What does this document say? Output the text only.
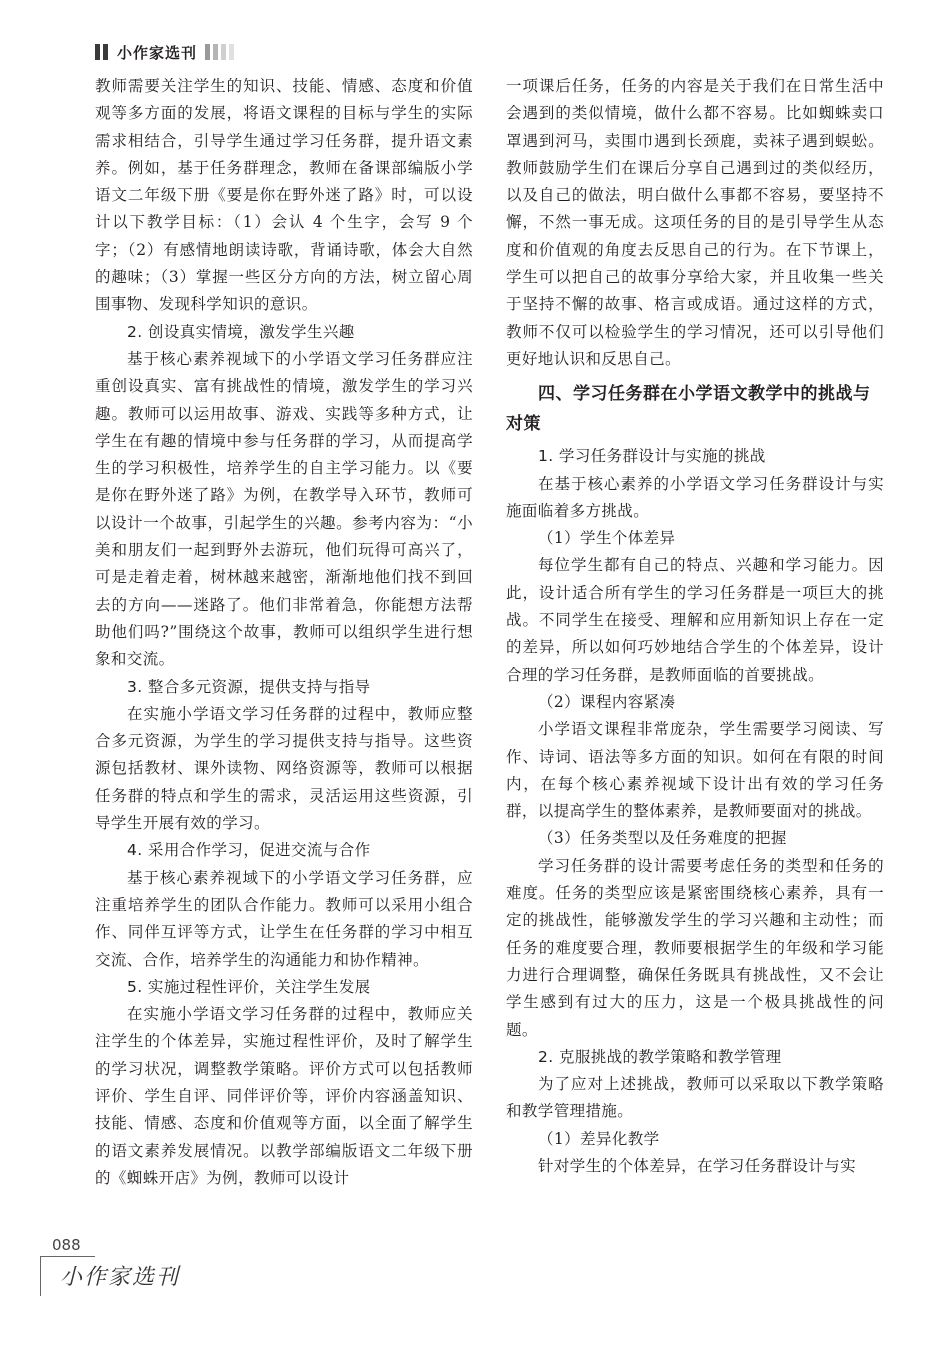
小作家选刊

教师需要关注学生的知识、技能、情感、态度和价值观等多方面的发展，将语文课程的目标与学生的实际需求相结合，引导学生通过学习任务群，提升语文素养。例如，基于任务群理念，教师在备课部编版小学语文二年级下册《要是你在野外迷了路》时，可以设计以下教学目标：（1）会认 4 个生字，会写 9 个字；（2）有感情地朗读诗歌，背诵诗歌，体会大自然的趣味；（3）掌握一些区分方向的方法，树立留心周围事物、发现科学知识的意识。

2. 创设真实情境，激发学生兴趣

基于核心素养视域下的小学语文学习任务群应注重创设真实、富有挑战性的情境，激发学生的学习兴趣。教师可以运用故事、游戏、实践等多种方式，让学生在有趣的情境中参与任务群的学习，从而提高学生的学习积极性，培养学生的自主学习能力。以《要是你在野外迷了路》为例，在教学导入环节，教师可以设计一个故事，引起学生的兴趣。参考内容为：“小美和朋友们一起到野外去游玩，他们玩得可高兴了，可是走着走着，树林越来越密，渐渐地他们找不到回去的方向——迷路了。他们非常着急，你能想方法帮助他们吗?”围绕这个故事，教师可以组织学生进行想象和交流。

3. 整合多元资源，提供支持与指导

在实施小学语文学习任务群的过程中，教师应整合多元资源，为学生的学习提供支持与指导。这些资源包括教材、课外读物、网络资源等，教师可以根据任务群的特点和学生的需求，灵活运用这些资源，引导学生开展有效的学习。

4. 采用合作学习，促进交流与合作

基于核心素养视域下的小学语文学习任务群，应注重培养学生的团队合作能力。教师可以采用小组合作、同伴互评等方式，让学生在任务群的学习中相互交流、合作，培养学生的沟通能力和协作精神。

5. 实施过程性评价，关注学生发展

在实施小学语文学习任务群的过程中，教师应关注学生的个体差异，实施过程性评价，及时了解学生的学习状况，调整教学策略。评价方式可以包括教师评价、学生自评、同伴评价等，评价内容涵盖知识、技能、情感、态度和价值观等方面，以全面了解学生的语文素养发展情况。以教学部编版语文二年级下册的《蜘蛛开店》为例，教师可以设计

一项课后任务，任务的内容是关于我们在日常生活中会遇到的类似情境，做什么都不容易。比如蜘蛛卖口罩遇到河马，卖围巾遇到长颈鹿，卖袜子遇到蜈蚣。教师鼓励学生们在课后分享自己遇到过的类似经历，以及自己的做法，明白做什么事都不容易，要坚持不懈，不然一事无成。这项任务的目的是引导学生从态度和价值观的角度去反思自己的行为。在下节课上，学生可以把自己的故事分享给大家，并且收集一些关于坚持不懈的故事、格言或成语。通过这样的方式，教师不仅可以检验学生的学习情况，还可以引导他们更好地认识和反思自己。

四、学习任务群在小学语文教学中的挑战与对策
1. 学习任务群设计与实施的挑战

在基于核心素养的小学语文学习任务群设计与实施面临着多方挑战。

（1）学生个体差异

每位学生都有自己的特点、兴趣和学习能力。因此，设计适合所有学生的学习任务群是一项巨大的挑战。不同学生在接受、理解和应用新知识上存在一定的差异，所以如何巧妙地结合学生的个体差异，设计合理的学习任务群，是教师面临的首要挑战。

（2）课程内容紧凑

小学语文课程非常庞杂，学生需要学习阅读、写作、诗词、语法等多方面的知识。如何在有限的时间内，在每个核心素养视域下设计出有效的学习任务群，以提高学生的整体素养，是教师要面对的挑战。

（3）任务类型以及任务难度的把握

学习任务群的设计需要考虑任务的类型和任务的难度。任务的类型应该是紧密围绕核心素养，具有一定的挑战性，能够激发学生的学习兴趣和主动性；而任务的难度要合理，教师要根据学生的年级和学习能力进行合理调整，确保任务既具有挑战性，又不会让学生感到有过大的压力，这是一个极具挑战性的问题。

2. 克服挑战的教学策略和教学管理

为了应对上述挑战，教师可以采取以下教学策略和教学管理措施。

（1）差异化教学

针对学生的个体差异，在学习任务群设计与实

088
小作家选刊
